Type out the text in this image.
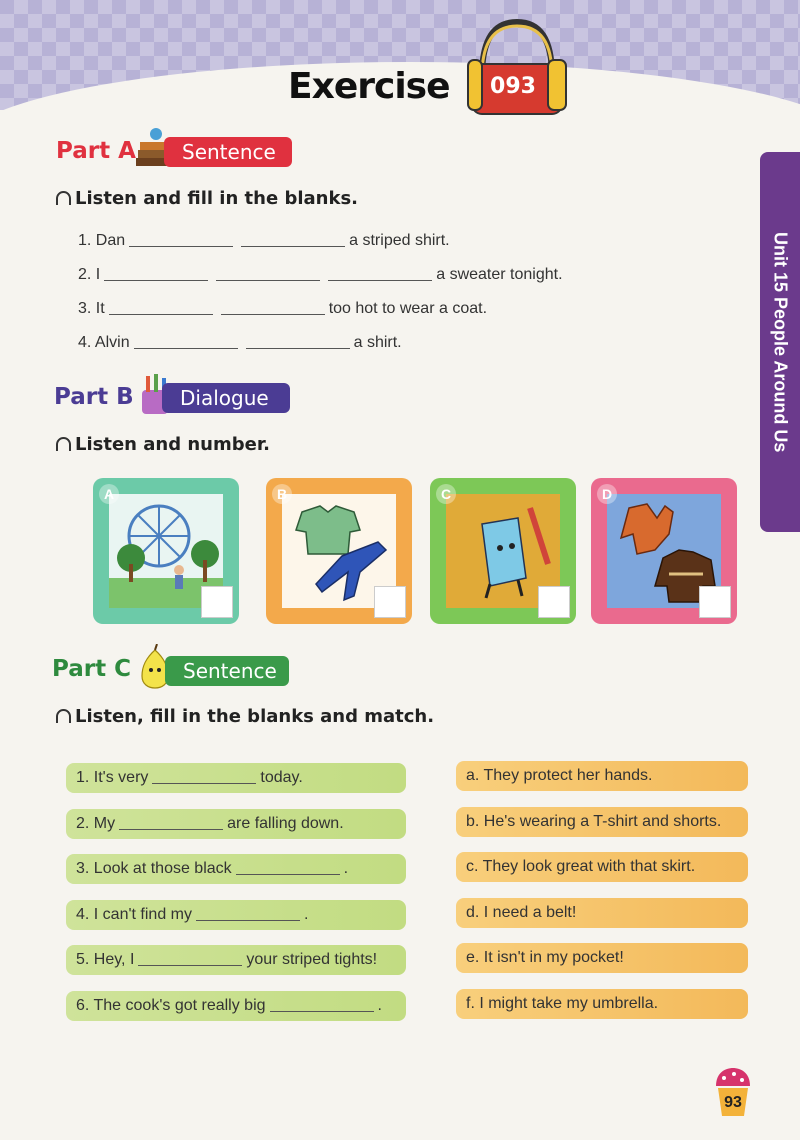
Exercise	093
Unit 15 People Around Us
Part A	Sentence
Listen and fill in the blanks.
1. Dan	a striped shirt.
2. I	a sweater tonight.
3. It	too hot to wear a coat.
4. Alvin	a shirt.
Part B	Dialogue
Listen and number.
A	B	C	D
Part C	Sentence
Listen, fill in the blanks and match.
1. It's very	today.
2. My	are falling down.
3. Look at those black	.
4. I can't find my	.
5. Hey, I	your striped tights!
6. The cook's got really big	.
a. They protect her hands.
b. He's wearing a T-shirt and shorts.
c. They look great with that skirt.
d. I need a belt!
e. It isn't in my pocket!
f. I might take my umbrella.
93
